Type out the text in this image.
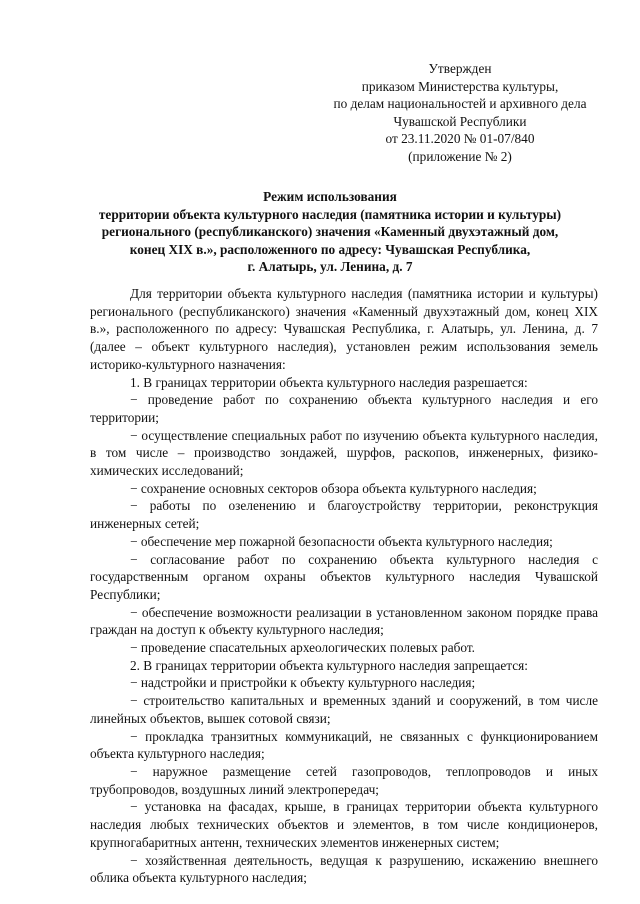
Утвержден
приказом Министерства культуры,
по делам национальностей и архивного дела
Чувашской Республики
от 23.11.2020 № 01-07/840
(приложение № 2)
Режим использования
территории объекта культурного наследия (памятника истории и культуры)
регионального (республиканского) значения «Каменный двухэтажный дом,
конец XIX в.», расположенного по адресу: Чувашская Республика,
г. Алатырь, ул. Ленина, д. 7

Для территории объекта культурного наследия (памятника истории и культуры) регионального (республиканского) значения «Каменный двухэтажный дом, конец XIX в.», расположенного по адресу: Чувашская Республика, г. Алатырь, ул. Ленина, д. 7 (далее – объект культурного наследия), установлен режим использования земель историко-культурного назначения:

1. В границах территории объекта культурного наследия разрешается:

− проведение работ по сохранению объекта культурного наследия и его территории;

− осуществление специальных работ по изучению объекта культурного наследия, в том числе – производство зондажей, шурфов, раскопов, инженерных, физико-химических исследований;

− сохранение основных секторов обзора объекта культурного наследия;

− работы по озеленению и благоустройству территории, реконструкция инженерных сетей;

− обеспечение мер пожарной безопасности объекта культурного наследия;

− согласование работ по сохранению объекта культурного наследия с государственным органом охраны объектов культурного наследия Чувашской Республики;

− обеспечение возможности реализации в установленном законом порядке права граждан на доступ к объекту культурного наследия;

− проведение спасательных археологических полевых работ.

2. В границах территории объекта культурного наследия запрещается:

− надстройки и пристройки к объекту культурного наследия;

− строительство капитальных и временных зданий и сооружений, в том числе линейных объектов, вышек сотовой связи;

− прокладка транзитных коммуникаций, не связанных с функционированием объекта культурного наследия;

− наружное размещение сетей газопроводов, теплопроводов и иных трубопроводов, воздушных линий электропередач;

− установка на фасадах, крыше, в границах территории объекта культурного наследия любых технических объектов и элементов, в том числе кондиционеров, крупногабаритных антенн, технических элементов инженерных систем;

− хозяйственная деятельность, ведущая к разрушению, искажению внешнего облика объекта культурного наследия;
